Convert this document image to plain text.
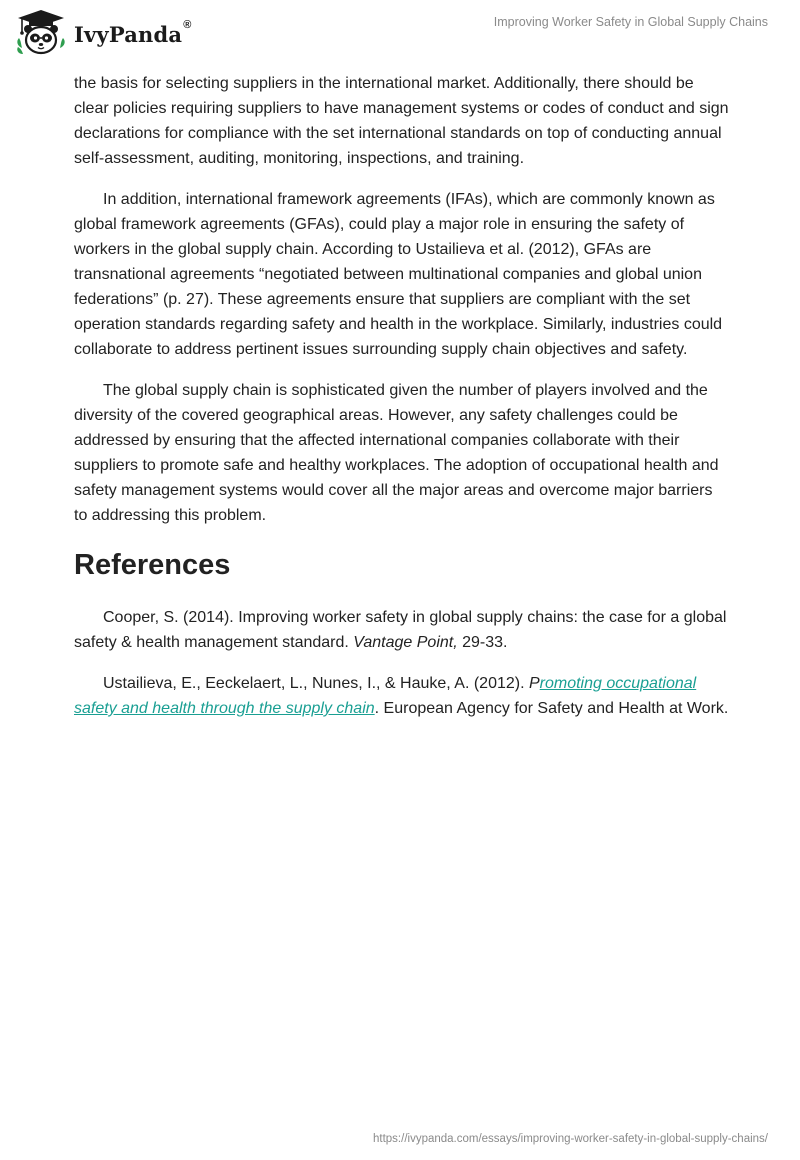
IvyPanda®	Improving Worker Safety in Global Supply Chains

the basis for selecting suppliers in the international market. Additionally, there should be clear policies requiring suppliers to have management systems or codes of conduct and sign declarations for compliance with the set international standards on top of conducting annual self-assessment, auditing, monitoring, inspections, and training.

In addition, international framework agreements (IFAs), which are commonly known as global framework agreements (GFAs), could play a major role in ensuring the safety of workers in the global supply chain. According to Ustailieva et al. (2012), GFAs are transnational agreements “negotiated between multinational companies and global union federations” (p. 27). These agreements ensure that suppliers are compliant with the set operation standards regarding safety and health in the workplace. Similarly, industries could collaborate to address pertinent issues surrounding supply chain objectives and safety.

The global supply chain is sophisticated given the number of players involved and the diversity of the covered geographical areas. However, any safety challenges could be addressed by ensuring that the affected international companies collaborate with their suppliers to promote safe and healthy workplaces. The adoption of occupational health and safety management systems would cover all the major areas and overcome major barriers to addressing this problem.

References

Cooper, S. (2014). Improving worker safety in global supply chains: the case for a global safety & health management standard. Vantage Point, 29-33.

Ustailieva, E., Eeckelaert, L., Nunes, I., & Hauke, A. (2012). Promoting occupational safety and health through the supply chain. European Agency for Safety and Health at Work.

https://ivypanda.com/essays/improving-worker-safety-in-global-supply-chains/
